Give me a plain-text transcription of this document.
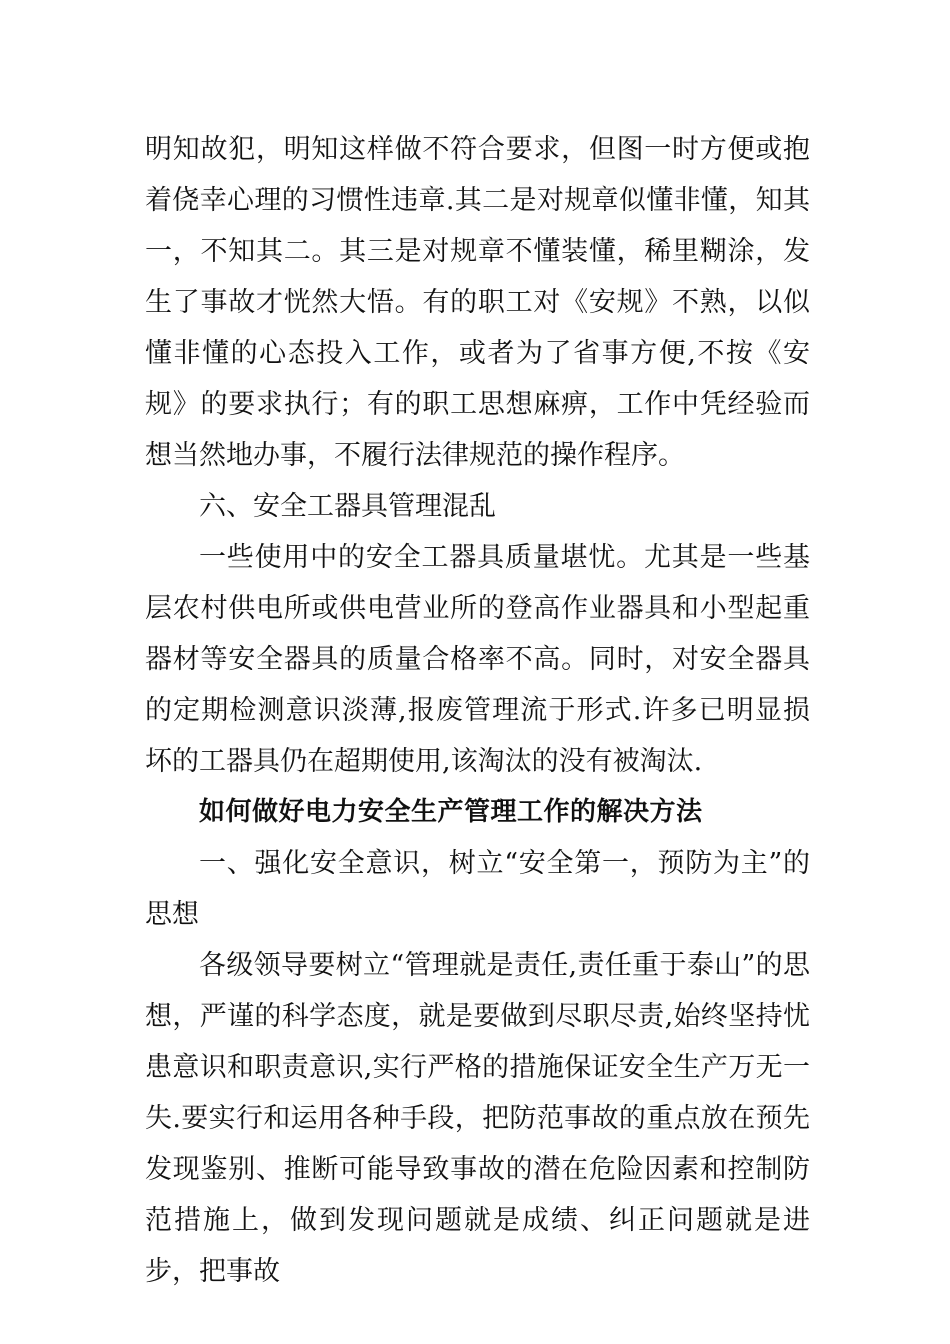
明知故犯，明知这样做不符合要求，但图一时方便或抱着侥幸心理的习惯性违章.其二是对规章似懂非懂，知其一，不知其二。其三是对规章不懂装懂，稀里糊涂，发生了事故才恍然大悟。有的职工对《安规》不熟，以似懂非懂的心态投入工作，或者为了省事方便,不按《安规》的要求执行；有的职工思想麻痹，工作中凭经验而想当然地办事，不履行法律规范的操作程序。

六、安全工器具管理混乱

一些使用中的安全工器具质量堪忧。尤其是一些基层农村供电所或供电营业所的登高作业器具和小型起重器材等安全器具的质量合格率不高。同时，对安全器具的定期检测意识淡薄,报废管理流于形式.许多已明显损坏的工器具仍在超期使用,该淘汰的没有被淘汰.

如何做好电力安全生产管理工作的解决方法

一、强化安全意识，树立“安全第一，预防为主”的思想

各级领导要树立“管理就是责任,责任重于泰山”的思想，严谨的科学态度，就是要做到尽职尽责,始终坚持忧患意识和职责意识,实行严格的措施保证安全生产万无一失.要实行和运用各种手段，把防范事故的重点放在预先发现鉴别、推断可能导致事故的潜在危险因素和控制防范措施上，做到发现问题就是成绩、纠正问题就是进步，把事故
